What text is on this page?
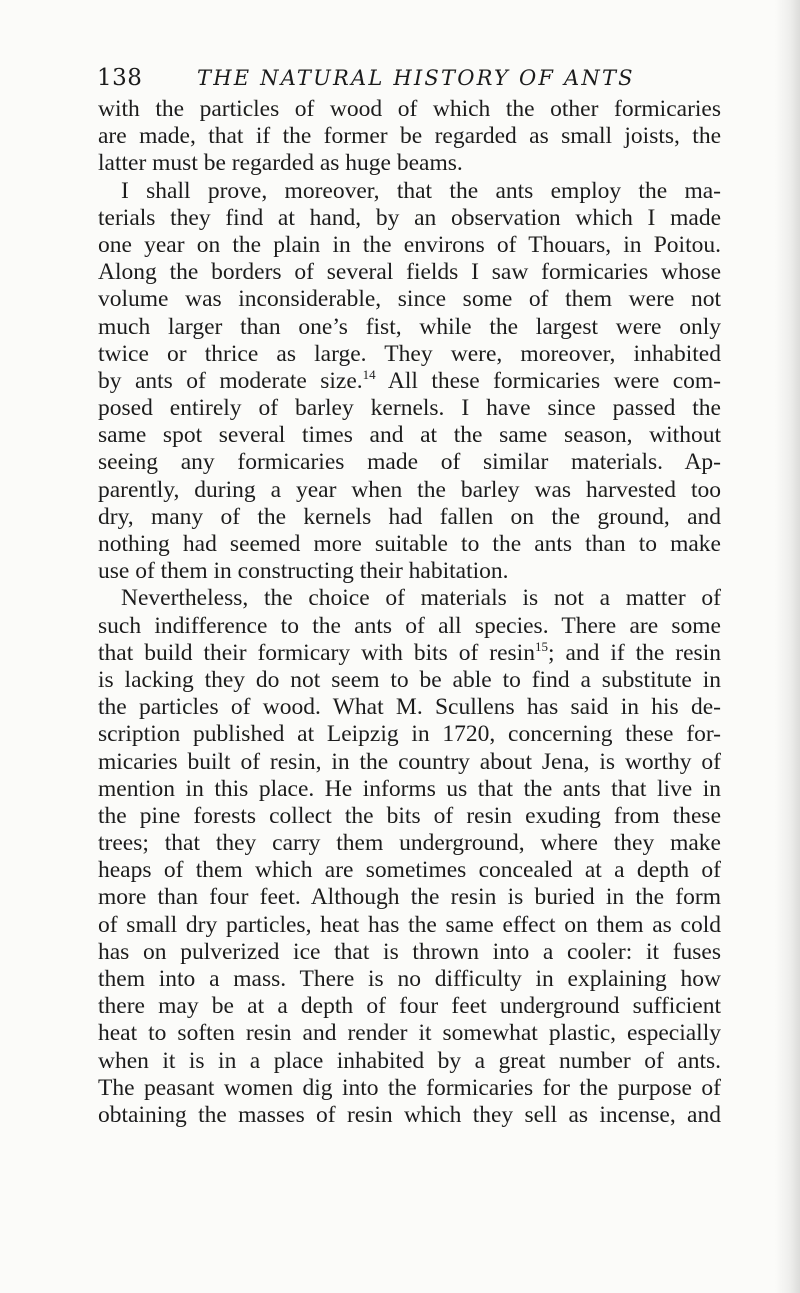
138	THE NATURAL HISTORY OF ANTS
with the particles of wood of which the other formicaries
are made, that if the former be regarded as small joists, the
latter must be regarded as huge beams.
I shall prove, moreover, that the ants employ the ma-
terials they find at hand, by an observation which I made
one year on the plain in the environs of Thouars, in Poitou.
Along the borders of several fields I saw formicaries whose
volume was inconsiderable, since some of them were not
much larger than one’s fist, while the largest were only
twice or thrice as large. They were, moreover, inhabited
by ants of moderate size.$^{14}$ All these formicaries were com-
posed entirely of barley kernels. I have since passed the
same spot several times and at the same season, without
seeing any formicaries made of similar materials. Ap-
parently, during a year when the barley was harvested too
dry, many of the kernels had fallen on the ground, and
nothing had seemed more suitable to the ants than to make
use of them in constructing their habitation.
Nevertheless, the choice of materials is not a matter of
such indifference to the ants of all species. There are some
that build their formicary with bits of resin$^{15}$; and if the resin
is lacking they do not seem to be able to find a substitute in
the particles of wood. What M. Scullens has said in his de-
scription published at Leipzig in 1720, concerning these for-
micaries built of resin, in the country about Jena, is worthy of
mention in this place. He informs us that the ants that live in
the pine forests collect the bits of resin exuding from these
trees; that they carry them underground, where they make
heaps of them which are sometimes concealed at a depth of
more than four feet. Although the resin is buried in the form
of small dry particles, heat has the same effect on them as cold
has on pulverized ice that is thrown into a cooler: it fuses
them into a mass. There is no difficulty in explaining how
there may be at a depth of four feet underground sufficient
heat to soften resin and render it somewhat plastic, especially
when it is in a place inhabited by a great number of ants.
The peasant women dig into the formicaries for the purpose of
obtaining the masses of resin which they sell as incense, and
